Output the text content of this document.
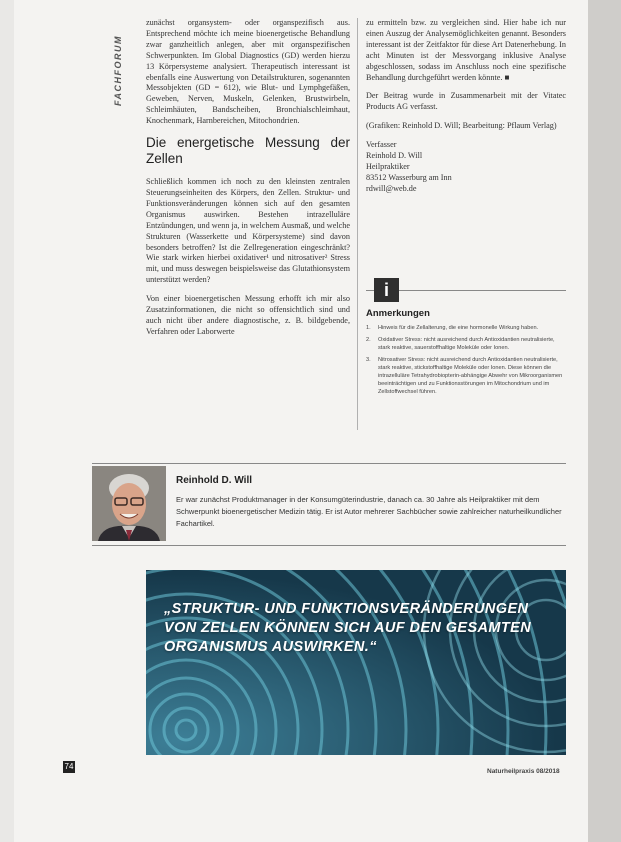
FACHFORUM

zunächst organsystem- oder organspezifisch aus. Entsprechend möchte ich meine bioenergetische Behandlung zwar ganzheitlich anlegen, aber mit organspezifischen Schwerpunkten. Im Global Diagnostics (GD) werden hierzu 13 Körpersysteme analysiert. Therapeutisch interessant ist ebenfalls eine Auswertung von Detailstrukturen, sogenannten Messobjekten (GD = 612), wie Blut- und Lymphgefäßen, Geweben, Nerven, Muskeln, Gelenken, Brustwirbeln, Schleimhäuten, Bandscheiben, Bronchialschleimhaut, Knochenmark, Harnbereichen, Mitochondrien.

Die energetische Messung der Zellen

Schließlich kommen ich noch zu den kleinsten zentralen Steuerungseinheiten des Körpers, den Zellen. Struktur- und Funktionsveränderungen können sich auf den gesamten Organismus auswirken. Bestehen intrazelluläre Entzündungen, und wenn ja, in welchem Ausmaß, und welche Strukturen (Wasserkette und Körpersysteme) sind davon besonders betroffen? Ist die Zellregeneration eingeschränkt? Wie stark wirken hierbei oxidativer¹ und nitrosativer² Stress mit, und muss deswegen beispielsweise das Glutathionsystem unterstützt werden?

Von einer bioenergetischen Messung erhofft ich mir also Zusatzinformationen, die nicht so offensichtlich sind und auch nicht über andere diagnostische, z. B. bildgebende, Verfahren oder Laborwerte

zu ermitteln bzw. zu vergleichen sind. Hier habe ich nur einen Auszug der Analysemöglichkeiten genannt. Besonders interessant ist der Zeitfaktor für diese Art Datenerhebung. In acht Minuten ist der Messvorgang inklusive Analyse abgeschlossen, sodass im Anschluss noch eine spezifische Behandlung durchgeführt werden könnte. ■

Der Beitrag wurde in Zusammenarbeit mit der Vitatec Products AG verfasst.

(Grafiken: Reinhold D. Will; Bearbeitung: Pflaum Verlag)

Verfasser

Reinhold D. Will

Heilpraktiker

83512 Wasserburg am Inn

rdwill@web.de

i
Anmerkungen
1. Hinweis für die Zellalterung, die eine hormonelle Wirkung haben.
2. Oxidativer Stress: nicht ausreichend durch Antioxidantien neutralisierte, stark reaktive, sauerstoffhaltige Moleküle oder Ionen.
3. Nitrosativer Stress: nicht ausreichend durch Antioxidantien neutralisierte, stark reaktive, stickstoffhaltige Moleküle oder Ionen. Diese können die intrazelluläre Tetrahydrobiopterin-abhängige Abwehr von Mikroorganismen beeinträchtigen und zu Funktionsstörungen im Mitochondrium und im Zellstoffwechsel führen.
Reinhold D. Will
Er war zunächst Produktmanager in der Konsumgüterindustrie, danach ca. 30 Jahre als Heilpraktiker mit dem Schwerpunkt bioenergetischer Medizin tätig. Er ist Autor mehrerer Sachbücher sowie zahlreicher naturheilkundlicher Fachartikel.
„STRUKTUR- UND FUNKTIONSVERÄNDERUNGEN VON ZELLEN KÖNNEN SICH AUF DEN GESAMTEN ORGANISMUS AUSWIRKEN.“
74
Naturheilpraxis 08/2018
